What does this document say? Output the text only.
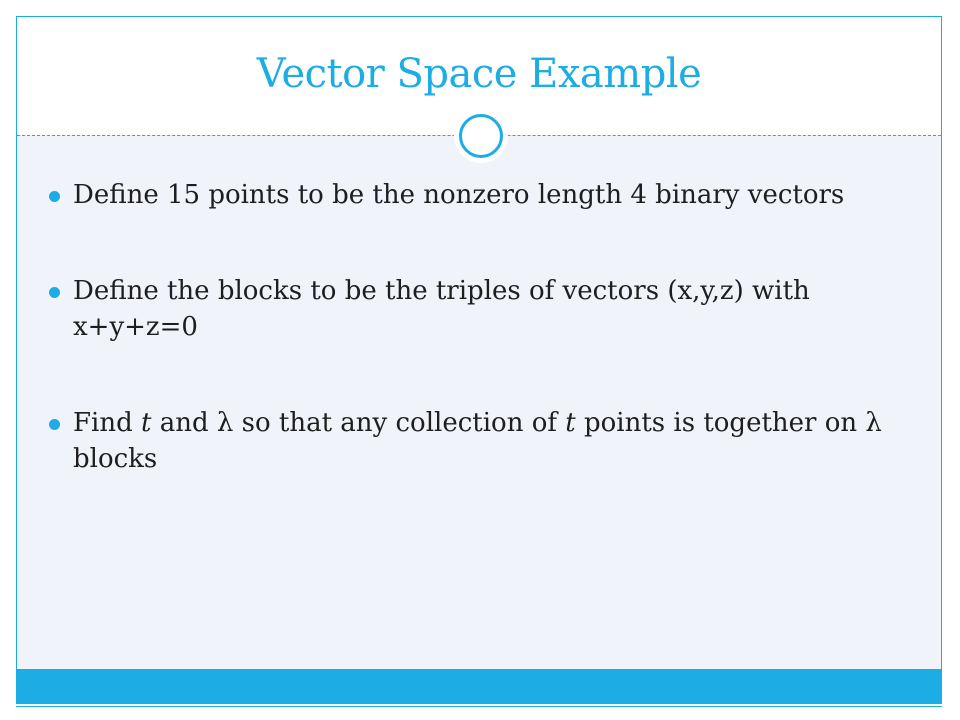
Vector Space Example
Define 15 points to be the nonzero length 4 binary vectors
Define the blocks to be the triples of vectors (x,y,z) with x+y+z=0
Find t and λ so that any collection of t points is together on λ blocks
